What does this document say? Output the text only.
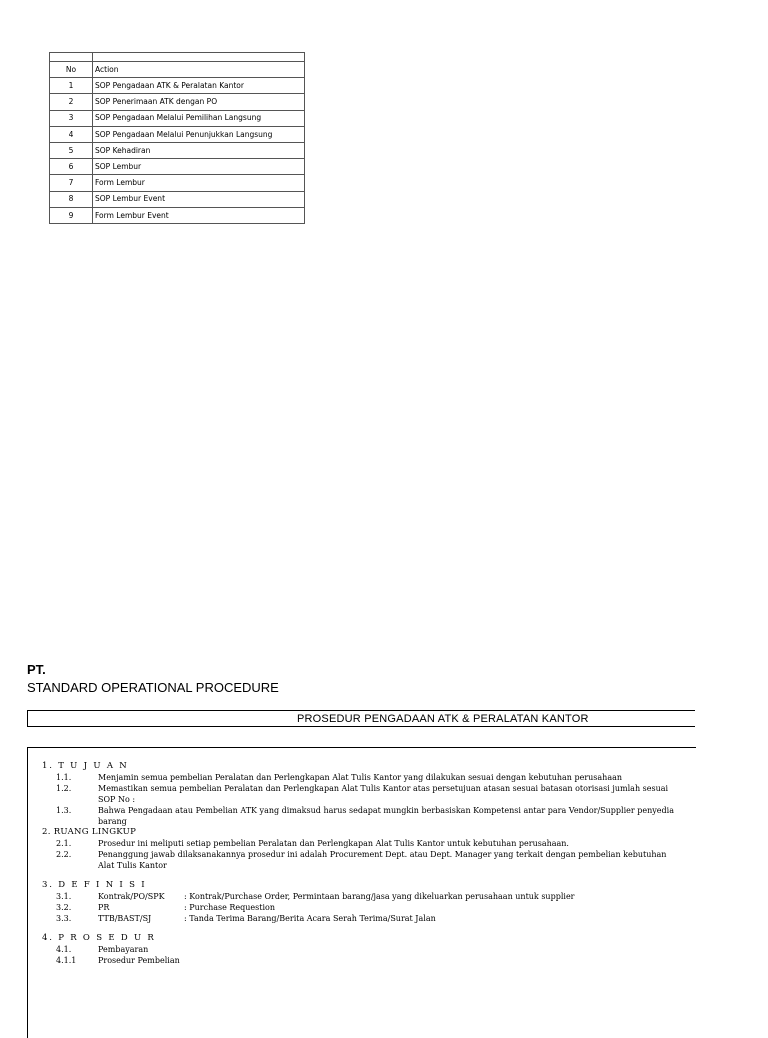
No	Action
1	SOP Pengadaan ATK & Peralatan Kantor
2	SOP Penerimaan ATK dengan PO
3	SOP Pengadaan Melalui Pemilihan Langsung
4	SOP Pengadaan Melalui Penunjukkan Langsung
5	SOP Kehadiran
6	SOP Lembur
7	Form Lembur
8	SOP Lembur Event
9	Form Lembur Event
PT.
STANDARD OPERATIONAL PROCEDURE
PROSEDUR PENGADAAN ATK & PERALATAN KANTOR
1. T U J U A N
1.1.	Menjamin semua pembelian Peralatan dan Perlengkapan Alat Tulis Kantor yang dilakukan sesuai dengan kebutuhan perusahaan
1.2.	Memastikan semua pembelian Peralatan dan Perlengkapan Alat Tulis Kantor atas persetujuan atasan sesuai batasan otorisasi jumlah sesuai SOP No :
1.3.	Bahwa Pengadaan atau Pembelian ATK yang dimaksud harus sedapat mungkin berbasiskan Kompetensi antar para Vendor/Supplier penyedia barang
2. RUANG LINGKUP
2.1.	Prosedur ini meliputi setiap pembelian Peralatan dan Perlengkapan Alat Tulis Kantor untuk kebutuhan perusahaan.
2.2.	Penanggung jawab dilaksanakannya prosedur ini adalah Procurement Dept. atau Dept. Manager yang terkait dengan pembelian kebutuhan Alat Tulis Kantor
3. D E F I N I S I
3.1.	Kontrak/PO/SPK	: Kontrak/Purchase Order, Permintaan barang/jasa yang dikeluarkan perusahaan untuk supplier
3.2.	PR	: Purchase Requestion
3.3.	TTB/BAST/SJ	: Tanda Terima Barang/Berita Acara Serah Terima/Surat Jalan
4. P R O S E D U R
4.1.	Pembayaran
4.1.1	Prosedur Pembelian
